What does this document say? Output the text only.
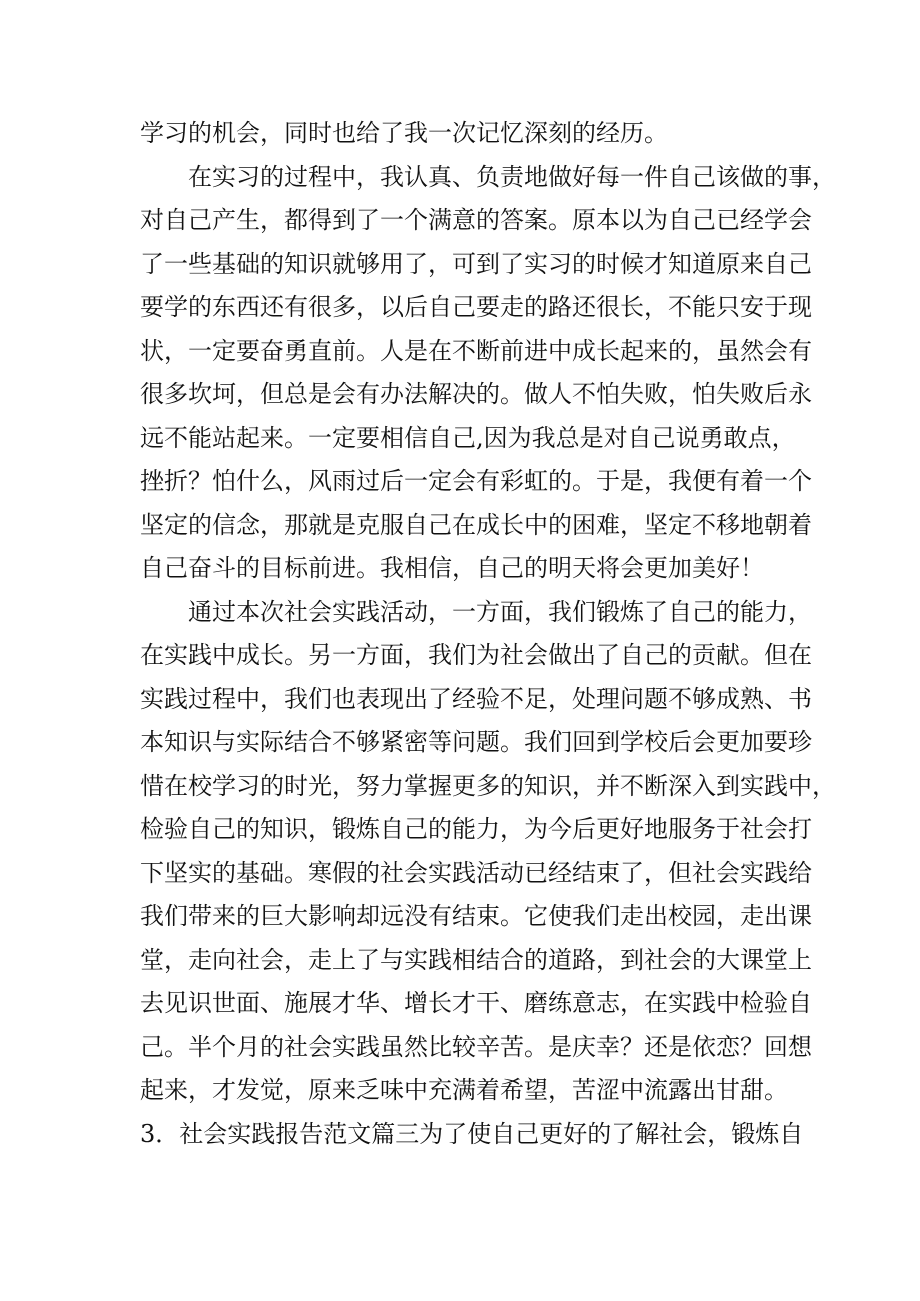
学习的机会，同时也给了我一次记忆深刻的经历。
在实习的过程中，我认真、负责地做好每一件自己该做的事，
对自己产生，都得到了一个满意的答案。原本以为自己已经学会
了一些基础的知识就够用了，可到了实习的时候才知道原来自己
要学的东西还有很多，以后自己要走的路还很长，不能只安于现
状，一定要奋勇直前。人是在不断前进中成长起来的，虽然会有
很多坎坷，但总是会有办法解决的。做人不怕失败，怕失败后永
远不能站起来。一定要相信自己,因为我总是对自己说勇敢点，
挫折？怕什么，风雨过后一定会有彩虹的。于是，我便有着一个
坚定的信念，那就是克服自己在成长中的困难，坚定不移地朝着
自己奋斗的目标前进。我相信，自己的明天将会更加美好！
通过本次社会实践活动，一方面，我们锻炼了自己的能力，
在实践中成长。另一方面，我们为社会做出了自己的贡献。但在
实践过程中，我们也表现出了经验不足，处理问题不够成熟、书
本知识与实际结合不够紧密等问题。我们回到学校后会更加要珍
惜在校学习的时光，努力掌握更多的知识，并不断深入到实践中，
检验自己的知识，锻炼自己的能力，为今后更好地服务于社会打
下坚实的基础。寒假的社会实践活动已经结束了，但社会实践给
我们带来的巨大影响却远没有结束。它使我们走出校园，走出课
堂，走向社会，走上了与实践相结合的道路，到社会的大课堂上
去见识世面、施展才华、增长才干、磨练意志，在实践中检验自
己。半个月的社会实践虽然比较辛苦。是庆幸？还是依恋？回想
起来，才发觉，原来乏味中充满着希望，苦涩中流露出甘甜。
3．社会实践报告范文篇三为了使自己更好的了解社会，锻炼自
